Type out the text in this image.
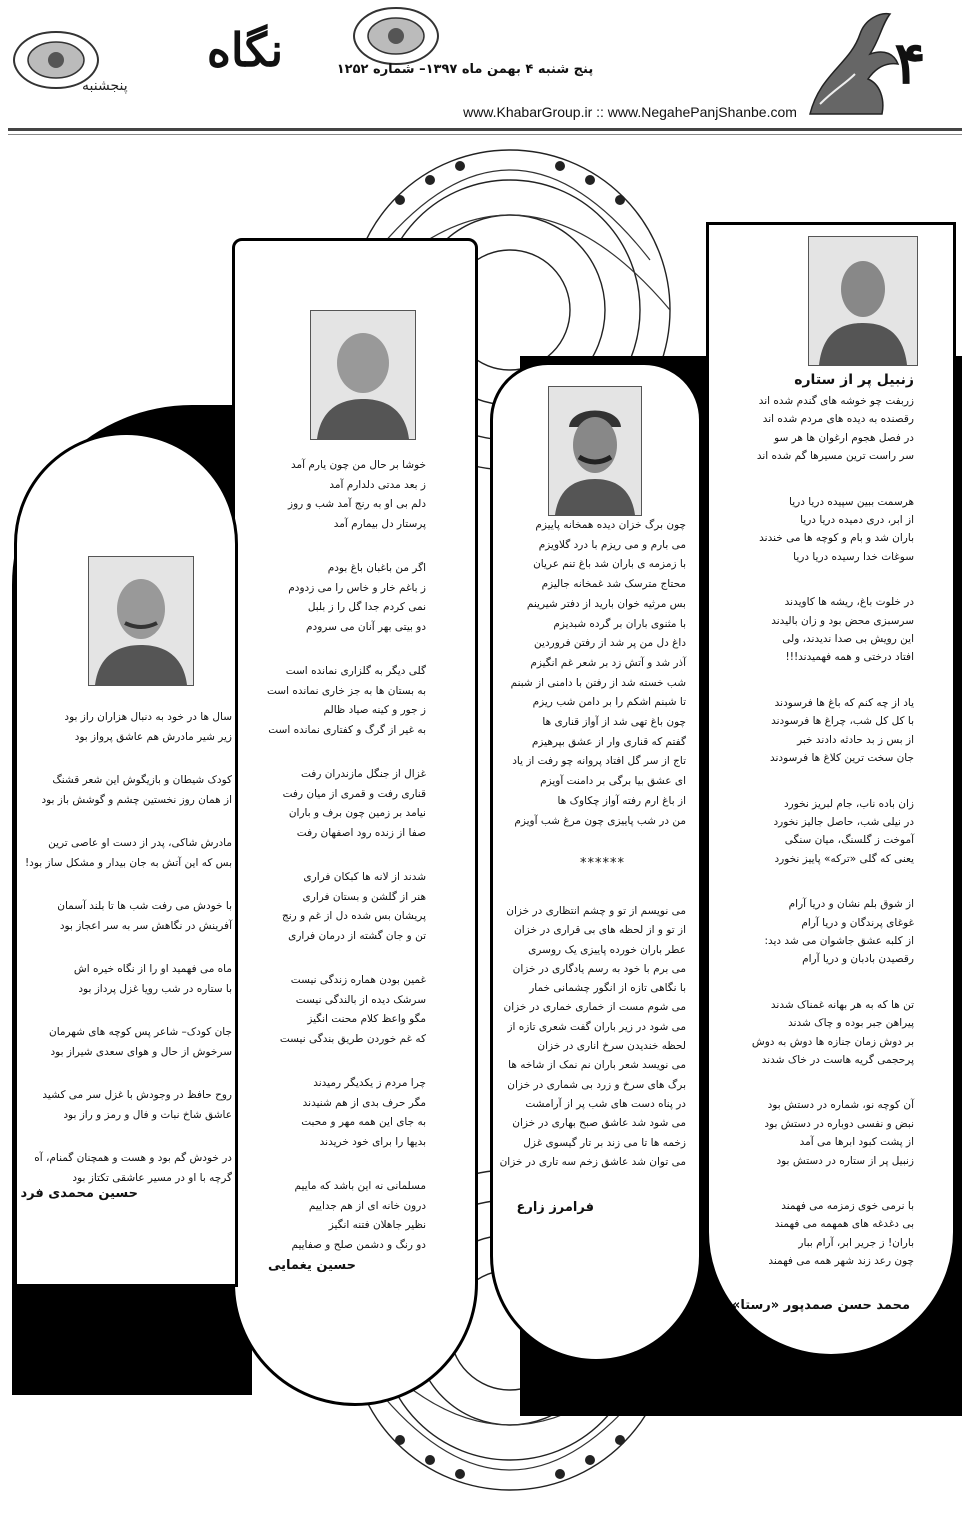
نگاه
پنجشنبه
پنج شنبه ۴ بهمن ماه ۱۳۹۷– شماره ۱۲۵۲
www.KhabarGroup.ir :: www.NegahePanjShanbe.com
۴
زنبیل پر از ستاره
زربفت چو خوشه های گندم شده اند
رقصنده به دیده های مردم شده اند
در فصل هجوم ارغوان ها هر سو
سر راست ترین مسیرها گم شده اند
هرسمت ببین سپیده دریا دریا
از ابر، دری دمیده دریا دریا
باران شد و بام و کوچه ها می خندند
سوغات خدا رسیده دریا دریا
در خلوت باغ، ریشه ها کاویدند
سرسبزی محض بود و زان بالیدند
این رویش بی صدا ندیدند، ولی
افتاد درختی و همه فهمیدند!!!
یاد از چه کنم که باغ ها فرسودند
با کل کل شب، چراغ ها فرسودند
از بس ز بد حادثه دادند خبر
جان سخت ترین کلاغ ها فرسودند
زان باده ناب، جام لبریز نخورد
در نیلی شب، حاصل جالیز نخورد
آموخت ز گلسنگ، میان سنگی
یعنی که گلی «ترکه» پاییز نخورد
از شوق بلم نشان و دریا آرام
غوغای پرندگان و دریا آرام
از کلبه عشق جاشوان می شد دید:
رقصیدن بادبان و دریا آرام
تن ها که به هر بهانه غمناک شدند
پیراهن جبر بوده و چاک شدند
بر دوش زمان جنازه ها دوش به دوش
پرحجمی گریه هاست در خاک شدند
آن کوچه نو، شماره در دستش بود
نبض و نفسی دوباره در دستش بود
از پشت کبود ابرها می آمد
زنبیل پر از ستاره در دستش بود
با نرمی خوی زمزمه می فهمند
بی دغدغه های همهمه می فهمند
باران! ز جریر ابر، آرام ببار
چون رعد زند شهر همه می فهمند
محمد حسن صمدپور «رستا»
چون برگ خزان دیده همخانه پاییزم
می بارم و می ریزم با درد گلاویزم
با زمزمه ی باران شد باغ تنم عریان
محتاج مترسک شد غمخانه جالیزم
بس مرثیه خوان بارید از دفتر شیرینم
با مثنوی باران بر گرده شبدیزم
داغ دل من پر شد از رفتن فروردین
آذر شد و آتش زد بر شعر غم انگیزم
شب خسته شد از رفتن با دامنی از شبنم
تا شبنم اشکم را بر دامن شب ریزم
چون باغ تهی شد از آواز قناری ها
گفتم که قناری وار از عشق بپرهیزم
تاج از سر گل افتاد پروانه چو رفت از یاد
ای عشق بیا برگی بر دامنت آویزم
از باغ ارم رفته آواز چکاوک ها
من در شب پاییزی چون مرغ شب آویزم
******
می نویسم از تو و چشم انتظاری در خزان
از تو و از لحظه های بی قراری در خزان
عطر باران خورده پاییزی یک روسری
می برم با خود به رسم یادگاری در خزان
با نگاهی تازه از انگور چشمانی خمار
می شوم مست از خماری خماری در خزان
می شود در زیر باران گفت شعری تازه از
لحظه خندیدن سرخ اناری در خزان
می نویسد شعر باران نم نمک از شاخه ها
برگ های سرخ و زرد بی شماری در خزان
در پناه دست های شب پر از آرامشت
می شود شد عاشق صبح بهاری در خزان
زخمه ها تا می زند بر تار گیسوی غزل
می توان شد عاشق زخم سه تاری در خزان
فرامرز زارع
خوشا بر حال من چون یارم آمد
ز بعد مدتی دلدارم آمد
دلم بی او به رنج آمد شب و روز
پرستار دل بیمارم آمد
اگر من باغبان باغ بودم
ز باغم خار و خاس را می زدودم
نمی کردم جدا گل را ز بلبل
دو بیتی بهر آنان می سرودم
گلی دیگر به گلزاری نمانده است
به بستان ها به جز خاری نمانده است
ز جور و کینه صیاد ظالم
به غیر از گرگ و کفتاری نمانده است
غزال از جنگل مازندران رفت
قناری رفت و قمری از میان رفت
نیامد بر زمین چون برف و باران
صفا از زنده رود اصفهان رفت
شدند از لانه ها کبکان فراری
هنر از گلشن و بستان فراری
پریشان بس شده دل از غم و رنج
تن و جان گشته از درمان فراری
غمین بودن هماره زندگی نیست
سرشک دیده از بالندگی نیست
مگو واعظ کلام محنت انگیز
که غم خوردن طریق بندگی نیست
چرا مردم ز یکدیگر رمیدند
مگر حرف بدی از هم شنیدند
به جای این همه مهر و محبت
بدیها را برای خود خریدند
مسلمانی نه این باشد که ماییم
درون خانه ای از هم جداییم
نظیر جاهلان فتنه انگیز
دو رنگ و دشمن صلح و صفاییم
حسین یغمایی
سال ها در خود به دنبال هزاران راز بود
زیر شیر مادرش هم عاشق پرواز بود
کودک شیطان و بازیگوش این شعر قشنگ
از همان روز نخستین چشم و گوشش باز بود
مادرش شاکی، پدر از دست او عاصی ترین
بس که این آتش به جان بیدار و مشکل ساز بود!
با خودش می رفت شب ها تا بلند آسمان
آفرینش در نگاهش سر به سر اعجاز بود
ماه می فهمید او را از نگاه خیره اش
با ستاره در شب رویا غزل پرداز بود
جان کودک– شاعر پس کوچه های شهرمان
سرخوش از حال و هوای سعدی شیراز بود
روح حافظ در وجودش با غزل سر می کشید
عاشق شاخ نبات و فال و رمز و راز بود
در خودش گم بود و هست و همچنان گمنام، آه
گرچه با او در مسیر عاشقی تکتاز بود
حسین محمدی فرد
